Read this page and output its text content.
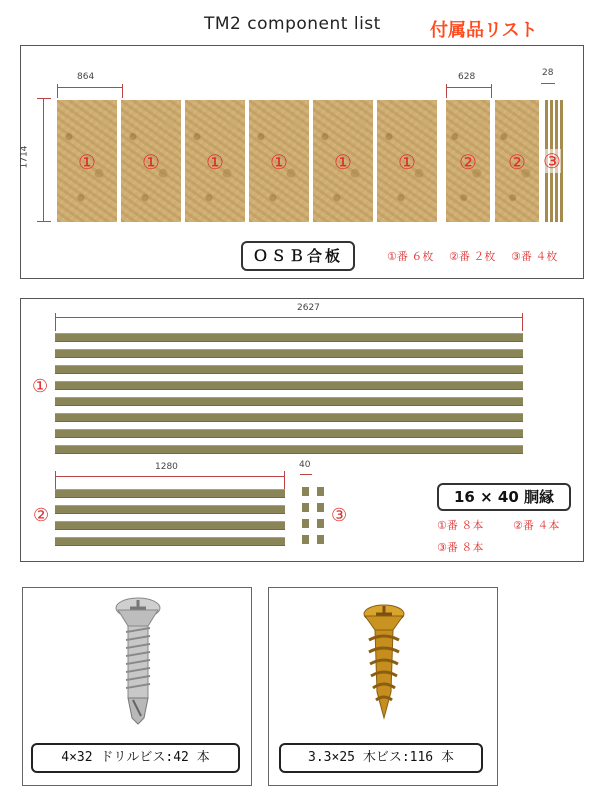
TM2 component list	付属品リスト
864
1714
628	28
①	①	①	①	①	①	②	② ③
ＯＳＢ合板	①番 ６枚 ②番 ２枚 ③番 ４枚
2627
①
1280
②
40
③
16 × 40 胴縁
①番 ８本	②番 ４本
③番 ８本
4×32 ドリルビス:42 本	3.3×25 木ビス:116 本
